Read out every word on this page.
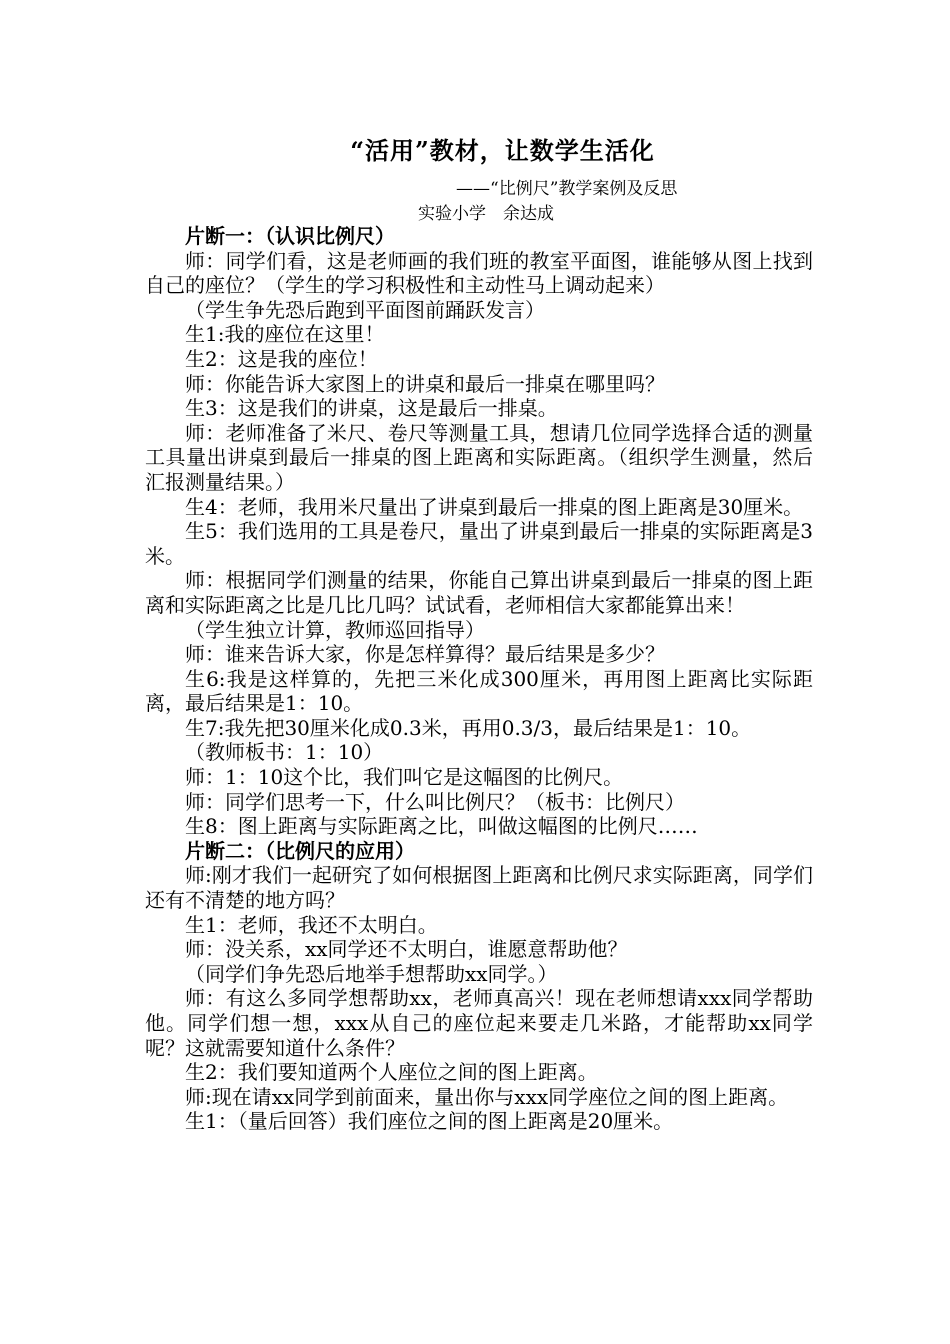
“活用”教材，让数学生活化
——“比例尺”教学案例及反思
实验小学　余达成

片断一：（认识比例尺）

师：同学们看，这是老师画的我们班的教室平面图，谁能够从图上找到自己的座位？（学生的学习积极性和主动性马上调动起来）

（学生争先恐后跑到平面图前踊跃发言）

生1:我的座位在这里！

生2：这是我的座位！

师：你能告诉大家图上的讲桌和最后一排桌在哪里吗？

生3：这是我们的讲桌，这是最后一排桌。

师：老师准备了米尺、卷尺等测量工具，想请几位同学选择合适的测量工具量出讲桌到最后一排桌的图上距离和实际距离。（组织学生测量，然后汇报测量结果。）

生4：老师，我用米尺量出了讲桌到最后一排桌的图上距离是30厘米。

生5：我们选用的工具是卷尺，量出了讲桌到最后一排桌的实际距离是3米。

师：根据同学们测量的结果，你能自己算出讲桌到最后一排桌的图上距离和实际距离之比是几比几吗？试试看，老师相信大家都能算出来！

（学生独立计算，教师巡回指导）

师：谁来告诉大家，你是怎样算得？最后结果是多少？

生6:我是这样算的，先把三米化成300厘米，再用图上距离比实际距离，最后结果是1：10。

生7:我先把30厘米化成0.3米，再用0.3/3，最后结果是1：10。

（教师板书：1：10）

师：1：10这个比，我们叫它是这幅图的比例尺。

师：同学们思考一下，什么叫比例尺？（板书：比例尺）

生8：图上距离与实际距离之比，叫做这幅图的比例尺……

片断二：（比例尺的应用）

师:刚才我们一起研究了如何根据图上距离和比例尺求实际距离，同学们还有不清楚的地方吗？

生1：老师，我还不太明白。

师：没关系，xx同学还不太明白，谁愿意帮助他？

（同学们争先恐后地举手想帮助xx同学。）

师：有这么多同学想帮助xx，老师真高兴！现在老师想请xxx同学帮助他。同学们想一想，xxx从自己的座位起来要走几米路，才能帮助xx同学呢？这就需要知道什么条件？

生2：我们要知道两个人座位之间的图上距离。

师:现在请xx同学到前面来，量出你与xxx同学座位之间的图上距离。

生1：（量后回答）我们座位之间的图上距离是20厘米。
